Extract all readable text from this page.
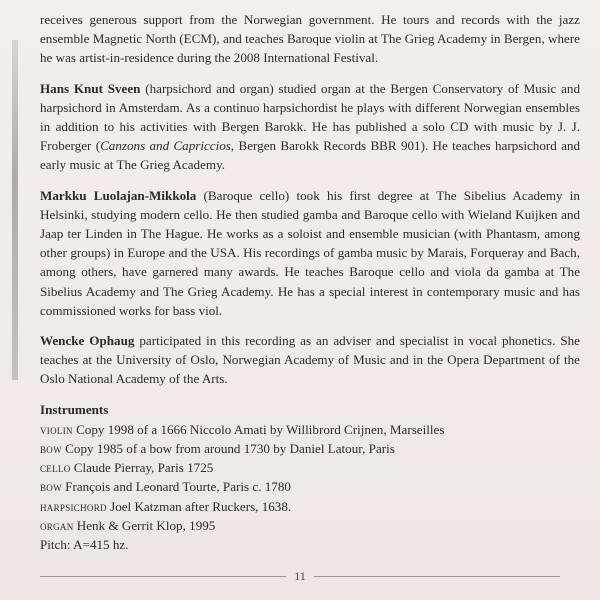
receives generous support from the Norwegian government. He tours and records with the jazz ensemble Magnetic North (ECM), and teaches Baroque violin at The Grieg Academy in Bergen, where he was artist-in-residence during the 2008 International Festival.

Hans Knut Sveen (harpsichord and organ) studied organ at the Bergen Conservatory of Music and harpsichord in Amsterdam. As a continuo harpsichordist he plays with different Norwegian ensembles in addition to his activities with Bergen Barokk. He has published a solo CD with music by J. J. Froberger (Canzons and Capriccios, Bergen Barokk Records BBR 901). He teaches harpsichord and early music at The Grieg Academy.

Markku Luolajan-Mikkola (Baroque cello) took his first degree at The Sibelius Academy in Helsinki, studying modern cello. He then studied gamba and Baroque cello with Wieland Kuijken and Jaap ter Linden in The Hague. He works as a soloist and ensemble musician (with Phantasm, among other groups) in Europe and the USA. His recordings of gamba music by Marais, Forqueray and Bach, among others, have garnered many awards. He teaches Baroque cello and viola da gamba at The Sibelius Academy and The Grieg Academy. He has a special interest in contemporary music and has commissioned works for bass viol.

Wencke Ophaug participated in this recording as an adviser and specialist in vocal phonetics. She teaches at the University of Oslo, Norwegian Academy of Music and in the Opera Department of the Oslo National Academy of the Arts.

Instruments
violin Copy 1998 of a 1666 Niccolo Amati by Willibrord Crijnen, Marseilles
bow Copy 1985 of a bow from around 1730 by Daniel Latour, Paris
cello Claude Pierray, Paris 1725
bow François and Leonard Tourte, Paris c. 1780
harpsichord Joel Katzman after Ruckers, 1638.
organ Henk & Gerrit Klop, 1995
Pitch: A=415 hz.
11
